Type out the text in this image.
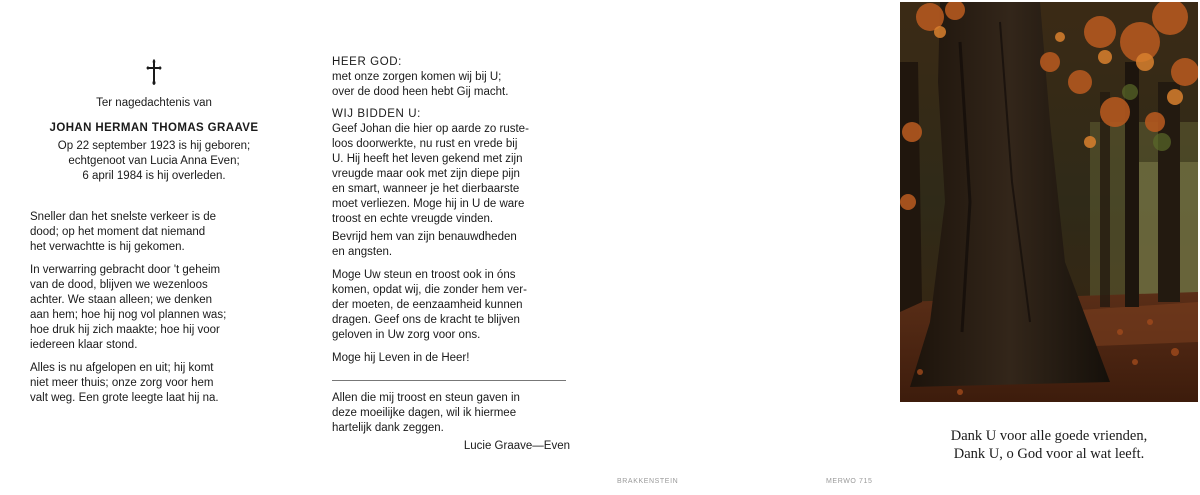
Ter nagedachtenis van

JOHAN HERMAN THOMAS GRAAVE

Op 22 september 1923 is hij geboren;

echtgenoot van Lucia Anna Even;

6 april 1984 is hij overleden.

Sneller dan het snelste verkeer is de

dood; op het moment dat niemand

het verwachtte is hij gekomen.

In verwarring gebracht door 't geheim

van de dood, blijven we wezenloos

achter. We staan alleen; we denken

aan hem; hoe hij nog vol plannen was;

hoe druk hij zich maakte; hoe hij voor

iedereen klaar stond.

Alles is nu afgelopen en uit; hij komt

niet meer thuis; onze zorg voor hem

valt weg. Een grote leegte laat hij na.

HEER GOD:

met onze zorgen komen wij bij U;

over de dood heen hebt Gij macht.

WIJ BIDDEN U:

Geef Johan die hier op aarde zo ruste-

loos doorwerkte, nu rust en vrede bij

U. Hij heeft het leven gekend met zijn

vreugde maar ook met zijn diepe pijn

en smart, wanneer je het dierbaarste

moet verliezen. Moge hij in U de ware

troost en echte vreugde vinden.

Bevrijd hem van zijn benauwdheden

en angsten.

Moge Uw steun en troost ook in óns

komen, opdat wij, die zonder hem ver-

der moeten, de eenzaamheid kunnen

dragen. Geef ons de kracht te blijven

geloven in Uw zorg voor ons.

Moge hij Leven in de Heer!

Allen die mij troost en steun gaven in

deze moeilijke dagen, wil ik hiermee

hartelijk dank zeggen.

Lucie Graave—Even

Dank U voor alle goede vrienden,
Dank U, o God voor al wat leeft.
BRAKKENSTEIN	MERWO 715
